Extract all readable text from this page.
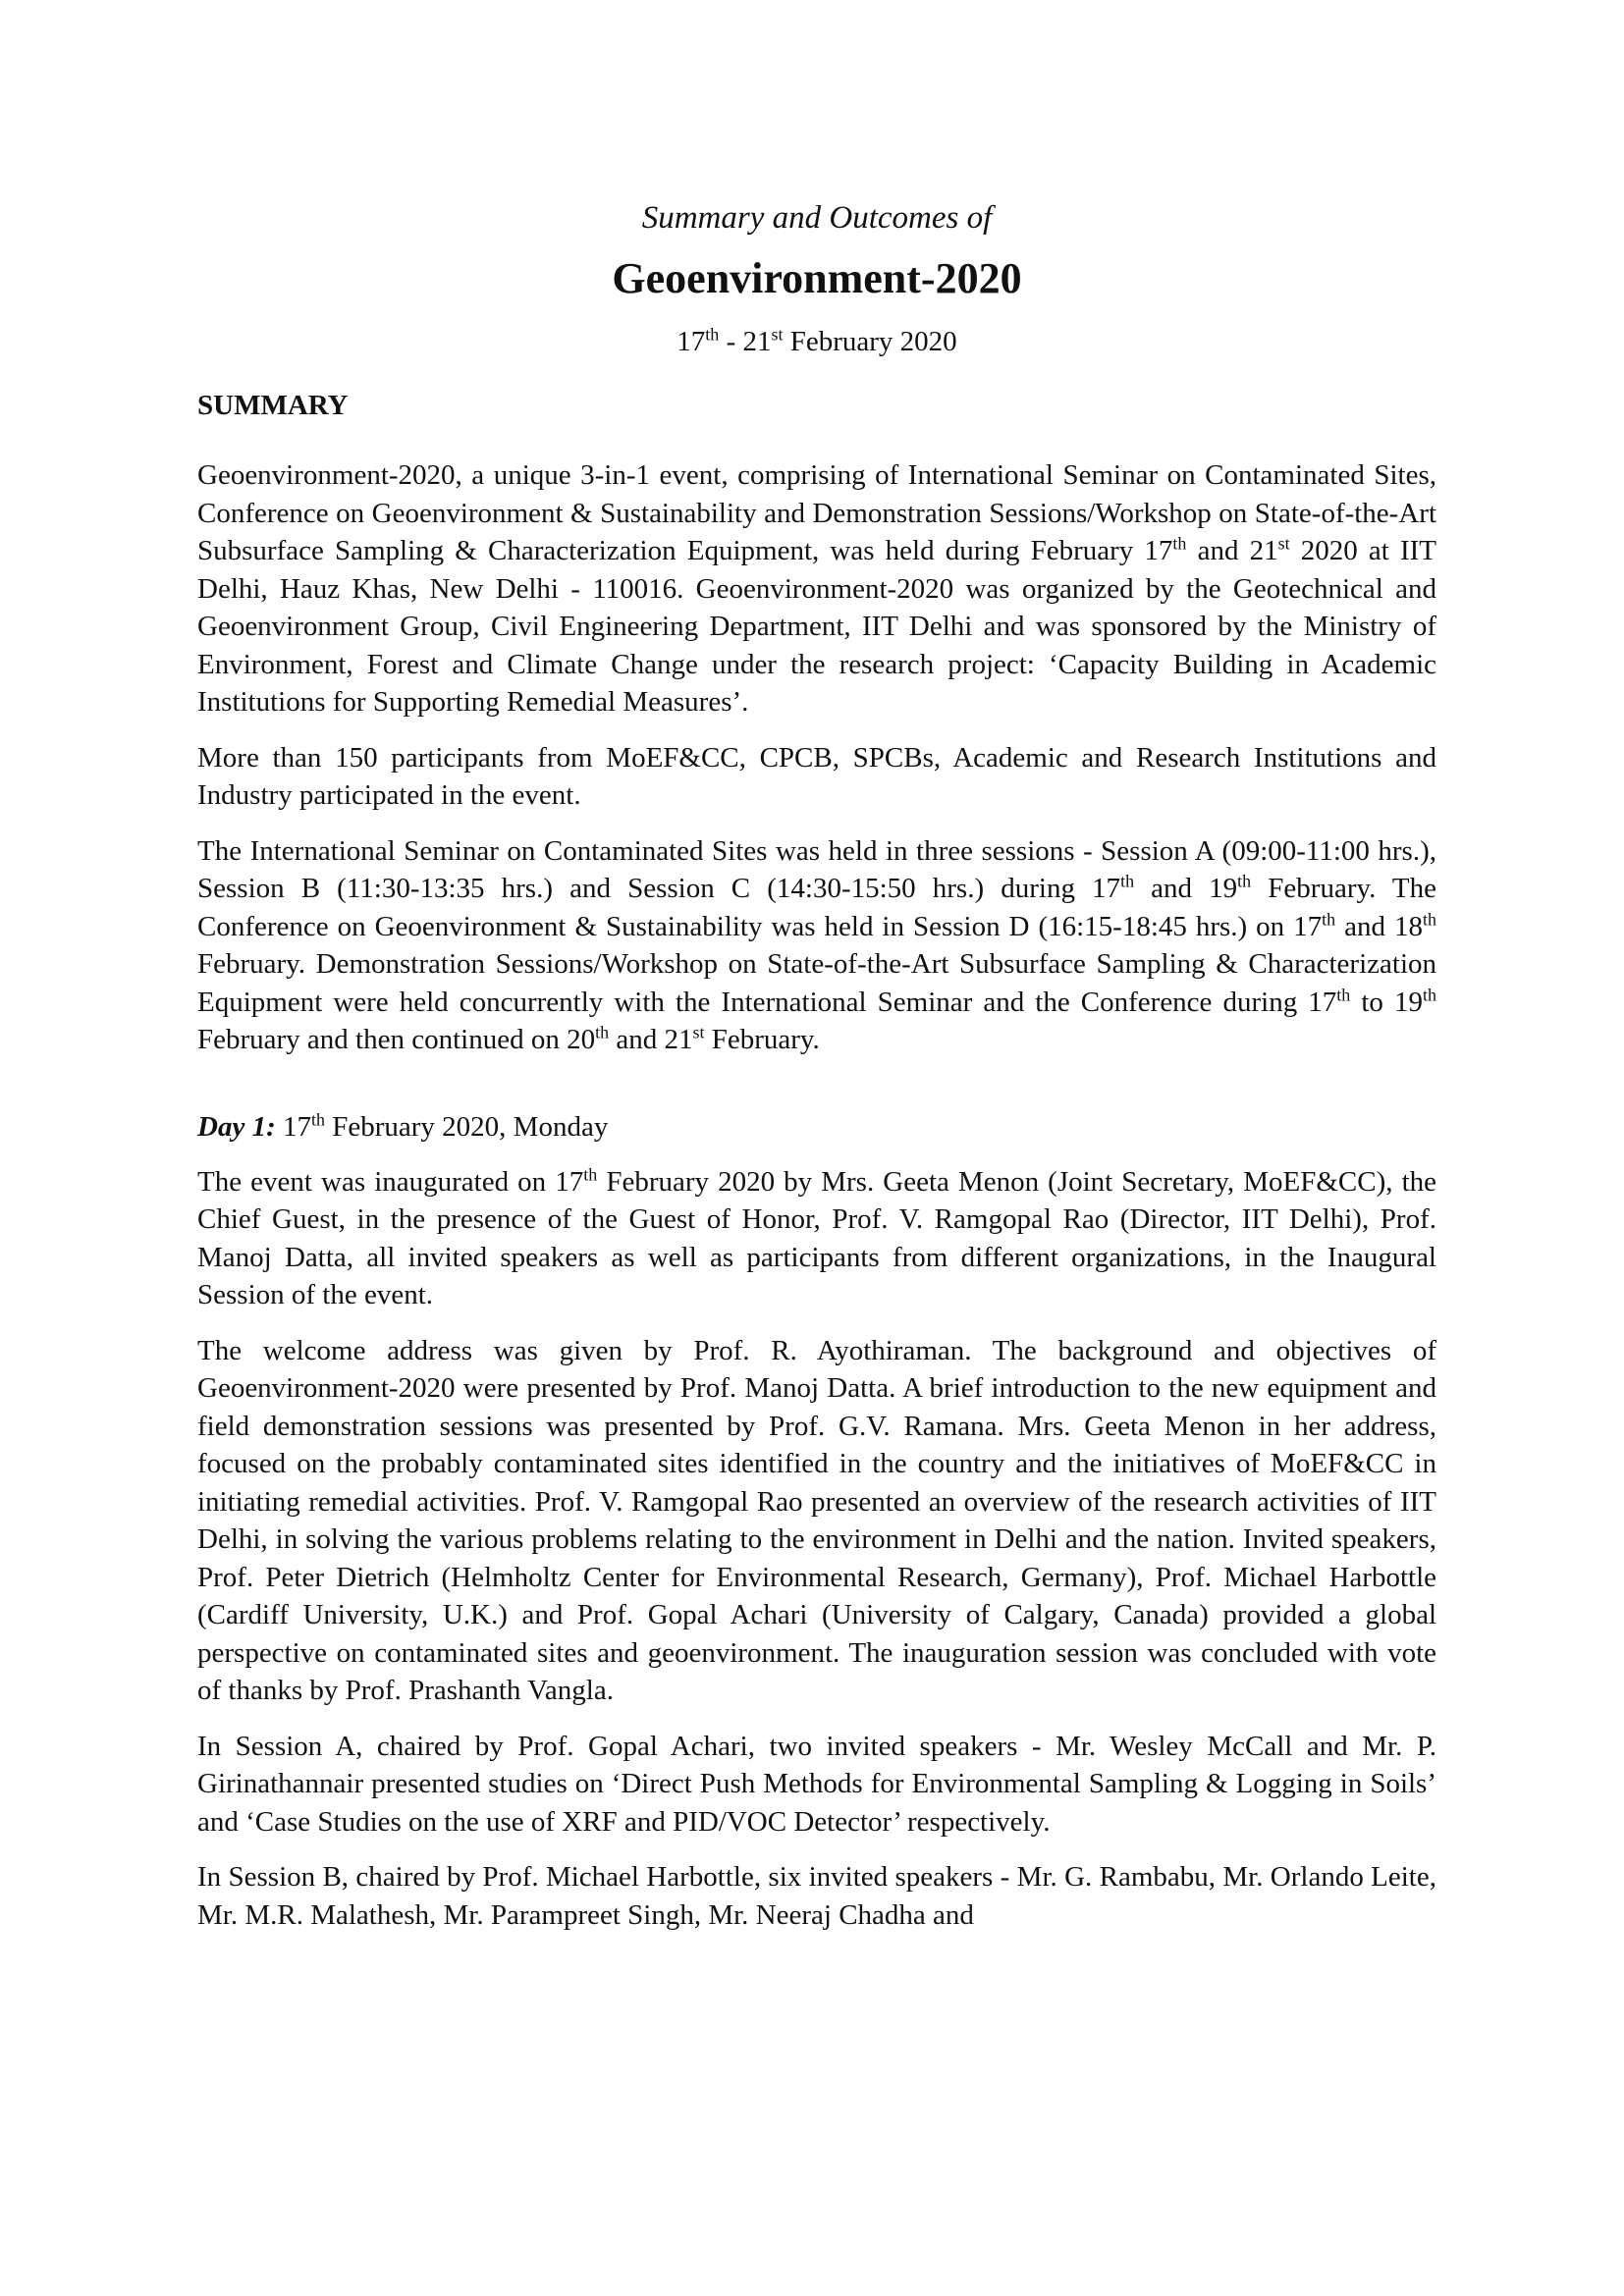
Summary and Outcomes of

Geoenvironment-2020

17th - 21st February 2020

SUMMARY

Geoenvironment-2020, a unique 3-in-1 event, comprising of International Seminar on Contaminated Sites, Conference on Geoenvironment & Sustainability and Demonstration Sessions/Workshop on State-of-the-Art Subsurface Sampling & Characterization Equipment, was held during February 17th and 21st 2020 at IIT Delhi, Hauz Khas, New Delhi - 110016. Geoenvironment-2020 was organized by the Geotechnical and Geoenvironment Group, Civil Engineering Department, IIT Delhi and was sponsored by the Ministry of Environment, Forest and Climate Change under the research project: ‘Capacity Building in Academic Institutions for Supporting Remedial Measures’.

More than 150 participants from MoEF&CC, CPCB, SPCBs, Academic and Research Institutions and Industry participated in the event.

The International Seminar on Contaminated Sites was held in three sessions - Session A (09:00-11:00 hrs.), Session B (11:30-13:35 hrs.) and Session C (14:30-15:50 hrs.) during 17th and 19th February. The Conference on Geoenvironment & Sustainability was held in Session D (16:15-18:45 hrs.) on 17th and 18th February. Demonstration Sessions/Workshop on State-of-the-Art Subsurface Sampling & Characterization Equipment were held concurrently with the International Seminar and the Conference during 17th to 19th February and then continued on 20th and 21st February.

Day 1: 17th February 2020, Monday

The event was inaugurated on 17th February 2020 by Mrs. Geeta Menon (Joint Secretary, MoEF&CC), the Chief Guest, in the presence of the Guest of Honor, Prof. V. Ramgopal Rao (Director, IIT Delhi), Prof. Manoj Datta, all invited speakers as well as participants from different organizations, in the Inaugural Session of the event.

The welcome address was given by Prof. R. Ayothiraman. The background and objectives of Geoenvironment-2020 were presented by Prof. Manoj Datta. A brief introduction to the new equipment and field demonstration sessions was presented by Prof. G.V. Ramana. Mrs. Geeta Menon in her address, focused on the probably contaminated sites identified in the country and the initiatives of MoEF&CC in initiating remedial activities. Prof. V. Ramgopal Rao presented an overview of the research activities of IIT Delhi, in solving the various problems relating to the environment in Delhi and the nation. Invited speakers, Prof. Peter Dietrich (Helmholtz Center for Environmental Research, Germany), Prof. Michael Harbottle (Cardiff University, U.K.) and Prof. Gopal Achari (University of Calgary, Canada) provided a global perspective on contaminated sites and geoenvironment. The inauguration session was concluded with vote of thanks by Prof. Prashanth Vangla.

In Session A, chaired by Prof. Gopal Achari, two invited speakers - Mr. Wesley McCall and Mr. P. Girinathannair presented studies on ‘Direct Push Methods for Environmental Sampling & Logging in Soils’ and ‘Case Studies on the use of XRF and PID/VOC Detector’ respectively.

In Session B, chaired by Prof. Michael Harbottle, six invited speakers - Mr. G. Rambabu, Mr. Orlando Leite, Mr. M.R. Malathesh, Mr. Parampreet Singh, Mr. Neeraj Chadha and
